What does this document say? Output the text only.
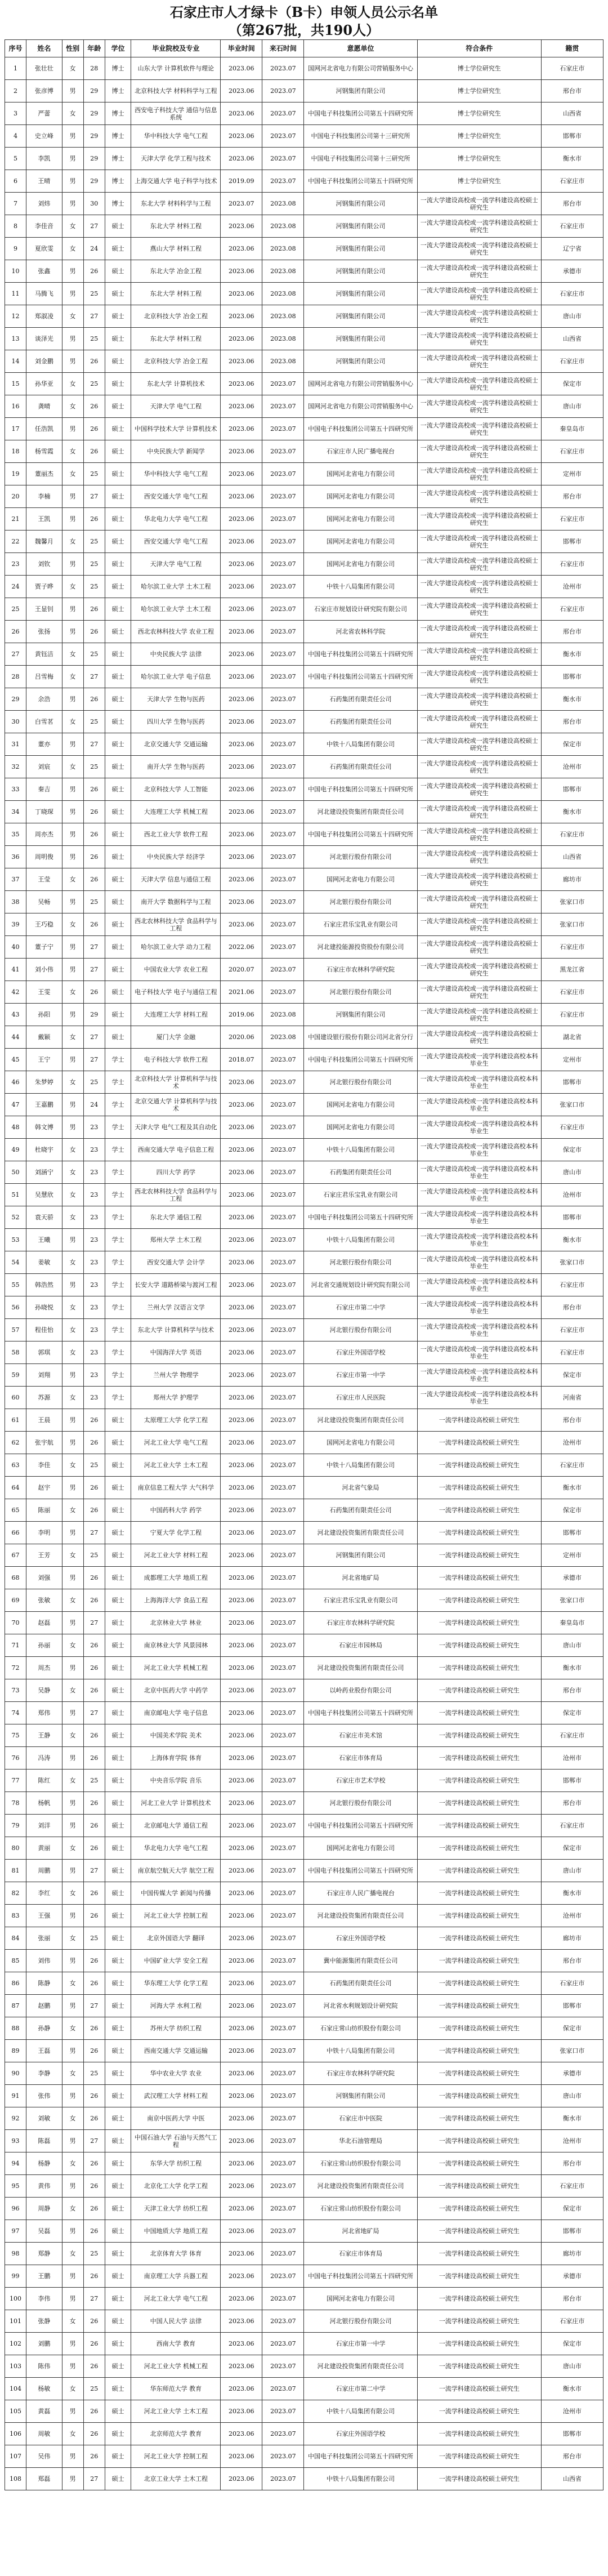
石家庄市人才绿卡（B卡）申领人员公示名单
（第267批，共190人）
序号	姓名	性别	年龄	学位	毕业院校及专业	毕业时间	来石时间	意愿单位	符合条件	籍贯
1	张壮壮	女	28	博士	山东大学 计算机软件与理论	2023.06	2023.07	国网河北省电力有限公司营销服务中心	博士学位研究生	石家庄市
2	张彦博	男	29	博士	北京科技大学 材料科学与工程	2023.06	2023.07	河钢集团有限公司	博士学位研究生	邢台市
3	严蕾	女	29	博士	西安电子科技大学 通信与信息系统	2023.06	2023.07	中国电子科技集团公司第五十四研究所	博士学位研究生	山西省
4	史立峰	男	29	博士	华中科技大学 电气工程	2023.06	2023.07	中国电子科技集团公司第十三研究所	博士学位研究生	邯郸市
5	李凯	男	29	博士	天津大学 化学工程与技术	2023.06	2023.07	中国电子科技集团公司第十三研究所	博士学位研究生	衡水市
6	王晴	男	29	博士	上海交通大学 电子科学与技术	2019.09	2023.07	中国电子科技集团公司第五十四研究所	博士学位研究生	石家庄市
7	刘炜	男	30	博士	东北大学 材料科学与工程	2023.07	2023.08	河钢集团有限公司	一流大学建设高校或一流学科建设高校硕士研究生	邢台市
8	李佳音	女	27	硕士	东北大学 材料工程	2023.06	2023.08	河钢集团有限公司	一流大学建设高校或一流学科建设高校硕士研究生	石家庄市
9	夏欣雯	女	24	硕士	燕山大学 材料工程	2023.06	2023.08	河钢集团有限公司	一流大学建设高校或一流学科建设高校硕士研究生	辽宁省
10	张鑫	男	26	硕士	东北大学 冶金工程	2023.06	2023.08	河钢集团有限公司	一流大学建设高校或一流学科建设高校硕士研究生	承德市
11	马腾飞	男	25	硕士	东北大学 材料工程	2023.06	2023.08	河钢集团有限公司	一流大学建设高校或一流学科建设高校硕士研究生	石家庄市
12	郑淑凌	女	27	硕士	北京科技大学 冶金工程	2023.06	2023.08	河钢集团有限公司	一流大学建设高校或一流学科建设高校硕士研究生	唐山市
13	谈泽光	男	25	硕士	东北大学 材料工程	2023.06	2023.08	河钢集团有限公司	一流大学建设高校或一流学科建设高校硕士研究生	山西省
14	刘金鹏	男	26	硕士	北京科技大学 冶金工程	2023.06	2023.08	河钢集团有限公司	一流大学建设高校或一流学科建设高校硕士研究生	石家庄市
15	孙华亚	女	25	硕士	东北大学 计算机技术	2023.06	2023.07	国网河北省电力有限公司营销服务中心	一流大学建设高校或一流学科建设高校硕士研究生	保定市
16	龚晴	女	26	硕士	天津大学 电气工程	2023.06	2023.07	国网河北省电力有限公司营销服务中心	一流大学建设高校或一流学科建设高校硕士研究生	唐山市
17	任浩凯	男	26	硕士	中国科学技术大学 计算机技术	2023.06	2023.07	中国电子科技集团公司第五十四研究所	一流大学建设高校或一流学科建设高校硕士研究生	秦皇岛市
18	杨雪霞	女	26	硕士	中央民族大学 新闻学	2023.06	2023.07	石家庄市人民广播电视台	一流大学建设高校或一流学科建设高校硕士研究生	石家庄市
19	董丽杰	女	25	硕士	华中科技大学 电气工程	2023.06	2023.07	国网河北省电力有限公司	一流大学建设高校或一流学科建设高校硕士研究生	定州市
20	李楠	男	27	硕士	西安交通大学 电气工程	2023.06	2023.07	国网河北省电力有限公司	一流大学建设高校或一流学科建设高校硕士研究生	邢台市
21	王凯	男	26	硕士	华北电力大学 电气工程	2023.06	2023.07	国网河北省电力有限公司	一流大学建设高校或一流学科建设高校硕士研究生	石家庄市
22	魏馨月	女	25	硕士	西安交通大学 电气工程	2023.06	2023.07	国网河北省电力有限公司	一流大学建设高校或一流学科建设高校硕士研究生	邯郸市
23	刘钦	男	25	硕士	天津大学 电气工程	2023.06	2023.07	国网河北省电力有限公司	一流大学建设高校或一流学科建设高校硕士研究生	石家庄市
24	贾子晔	女	25	硕士	哈尔滨工业大学 土木工程	2023.06	2023.07	中铁十八局集团有限公司	一流大学建设高校或一流学科建设高校硕士研究生	沧州市
25	王显钊	男	26	硕士	哈尔滨工业大学 土木工程	2023.06	2023.07	石家庄市规划设计研究院有限公司	一流大学建设高校或一流学科建设高校硕士研究生	石家庄市
26	张扬	男	26	硕士	西北农林科技大学 农业工程	2023.06	2023.07	河北省农林科学院	一流大学建设高校或一流学科建设高校硕士研究生	邢台市
27	黄钰洁	女	25	硕士	中央民族大学 法律	2023.06	2023.07	中国电子科技集团公司第五十四研究所	一流大学建设高校或一流学科建设高校硕士研究生	衡水市
28	吕雪梅	女	27	硕士	哈尔滨工业大学 电子信息	2023.06	2023.07	中国电子科技集团公司第五十四研究所	一流大学建设高校或一流学科建设高校硕士研究生	邯郸市
29	余浩	男	26	硕士	天津大学 生物与医药	2023.06	2023.07	石药集团有限责任公司	一流大学建设高校或一流学科建设高校硕士研究生	衡水市
30	白雪茗	女	25	硕士	四川大学 生物与医药	2023.06	2023.07	石药集团有限责任公司	一流大学建设高校或一流学科建设高校硕士研究生	邢台市
31	董亦	男	27	硕士	北京交通大学 交通运输	2023.06	2023.07	中铁十八局集团有限公司	一流大学建设高校或一流学科建设高校硕士研究生	保定市
32	刘宸	女	25	硕士	南开大学 生物与医药	2023.06	2023.07	石药集团有限责任公司	一流大学建设高校或一流学科建设高校硕士研究生	沧州市
33	秦吉	男	26	硕士	北京科技大学 人工智能	2023.06	2023.07	中国电子科技集团公司第五十四研究所	一流大学建设高校或一流学科建设高校硕士研究生	邯郸市
34	丁晓琛	男	26	硕士	大连理工大学 机械工程	2023.06	2023.07	河北建设投资集团有限责任公司	一流大学建设高校或一流学科建设高校硕士研究生	衡水市
35	周亦杰	男	26	硕士	西北工业大学 软件工程	2023.06	2023.07	中国电子科技集团公司第五十四研究所	一流大学建设高校或一流学科建设高校硕士研究生	石家庄市
36	周明俊	男	26	硕士	中央民族大学 经济学	2023.06	2023.07	河北银行股份有限公司	一流大学建设高校或一流学科建设高校硕士研究生	山西省
37	王莹	女	26	硕士	天津大学 信息与通信工程	2023.06	2023.07	国网河北省电力有限公司	一流大学建设高校或一流学科建设高校硕士研究生	廊坊市
38	吴畅	男	25	硕士	南开大学 数据科学与工程	2023.06	2023.07	河北银行股份有限公司	一流大学建设高校或一流学科建设高校硕士研究生	张家口市
39	王巧稳	女	26	硕士	西北农林科技大学 食品科学与工程	2023.06	2023.07	石家庄君乐宝乳业有限公司	一流大学建设高校或一流学科建设高校硕士研究生	张家口市
40	董子宁	男	27	硕士	哈尔滨工业大学 动力工程	2022.06	2023.07	河北建投能源投资股份有限公司	一流大学建设高校或一流学科建设高校硕士研究生	石家庄市
41	刘小伟	男	27	硕士	中国农业大学 农业工程	2020.07	2023.07	石家庄市农林科学研究院	一流大学建设高校或一流学科建设高校硕士研究生	黑龙江省
42	王雯	女	26	硕士	电子科技大学 电子与通信工程	2021.06	2023.07	河北银行股份有限公司	一流大学建设高校或一流学科建设高校硕士研究生	石家庄市
43	孙阳	男	29	硕士	大连理工大学 材料工程	2019.06	2023.08	河钢集团有限公司	一流大学建设高校或一流学科建设高校硕士研究生	石家庄市
44	戴颖	女	27	硕士	厦门大学 金融	2020.06	2023.08	中国建设银行股份有限公司河北省分行	一流大学建设高校或一流学科建设高校硕士研究生	湖北省
45	王宁	男	27	学士	电子科技大学 软件工程	2018.07	2023.07	中国电子科技集团公司第五十四研究所	一流大学建设高校或一流学科建设高校本科毕业生	定州市
46	朱梦婷	女	25	学士	北京科技大学 计算机科学与技术	2023.06	2023.07	河北银行股份有限公司	一流大学建设高校或一流学科建设高校本科毕业生	邯郸市
47	王嘉鹏	男	24	学士	北京交通大学 计算机科学与技术	2023.06	2023.07	国网河北省电力有限公司	一流大学建设高校或一流学科建设高校本科毕业生	张家口市
48	韩文博	男	23	学士	天津大学 电气工程及其自动化	2023.06	2023.07	国网河北省电力有限公司	一流大学建设高校或一流学科建设高校本科毕业生	石家庄市
49	杜晓宇	女	23	学士	西南交通大学 电子信息工程	2023.06	2023.07	中铁十八局集团有限公司	一流大学建设高校或一流学科建设高校本科毕业生	保定市
50	刘涵宁	女	23	学士	四川大学 药学	2023.06	2023.07	石药集团有限责任公司	一流大学建设高校或一流学科建设高校本科毕业生	唐山市
51	吴慧欣	女	23	学士	西北农林科技大学 食品科学与工程	2023.06	2023.07	石家庄君乐宝乳业有限公司	一流大学建设高校或一流学科建设高校本科毕业生	沧州市
52	袁天骄	女	23	学士	东北大学 通信工程	2023.06	2023.07	中国电子科技集团公司第五十四研究所	一流大学建设高校或一流学科建设高校本科毕业生	邯郸市
53	王曦	男	23	学士	郑州大学 土木工程	2023.06	2023.07	中铁十八局集团有限公司	一流大学建设高校或一流学科建设高校本科毕业生	衡水市
54	姜敏	女	23	学士	西安交通大学 会计学	2023.06	2023.07	河北银行股份有限公司	一流大学建设高校或一流学科建设高校本科毕业生	张家口市
55	韩浩然	男	23	学士	长安大学 道路桥梁与渡河工程	2023.06	2023.07	河北省交通规划设计研究院有限公司	一流大学建设高校或一流学科建设高校本科毕业生	石家庄市
56	孙晓悦	女	23	学士	兰州大学 汉语言文学	2023.06	2023.07	石家庄市第二中学	一流大学建设高校或一流学科建设高校本科毕业生	邢台市
57	程佳怡	女	23	学士	东北大学 计算机科学与技术	2023.06	2023.07	河北银行股份有限公司	一流大学建设高校或一流学科建设高校本科毕业生	石家庄市
58	郭琪	女	23	学士	中国海洋大学 英语	2023.06	2023.07	石家庄外国语学校	一流大学建设高校或一流学科建设高校本科毕业生	石家庄市
59	刘翔	男	23	学士	兰州大学 物理学	2023.06	2023.07	石家庄市第一中学	一流大学建设高校或一流学科建设高校本科毕业生	保定市
60	苏源	女	23	学士	郑州大学 护理学	2023.06	2023.07	石家庄市人民医院	一流大学建设高校或一流学科建设高校本科毕业生	河南省
61	王晨	男	26	硕士	太原理工大学 化学工程	2023.06	2023.07	河北建设投资集团有限责任公司	一流学科建设高校硕士研究生	邢台市
62	张宇航	男	26	硕士	河北工业大学 电气工程	2023.06	2023.07	国网河北省电力有限公司	一流学科建设高校硕士研究生	沧州市
63	李佳	女	25	硕士	河北工业大学 土木工程	2023.06	2023.07	中铁十八局集团有限公司	一流学科建设高校硕士研究生	石家庄市
64	赵宇	男	26	硕士	南京信息工程大学 大气科学	2023.06	2023.07	河北省气象局	一流学科建设高校硕士研究生	衡水市
65	陈丽	女	26	硕士	中国药科大学 药学	2023.06	2023.07	石药集团有限责任公司	一流学科建设高校硕士研究生	保定市
66	李明	男	27	硕士	宁夏大学 化学工程	2023.06	2023.07	河北建设投资集团有限责任公司	一流学科建设高校硕士研究生	邯郸市
67	王芳	女	25	硕士	河北工业大学 材料工程	2023.06	2023.07	河钢集团有限公司	一流学科建设高校硕士研究生	定州市
68	刘强	男	26	硕士	成都理工大学 地质工程	2023.06	2023.07	河北省地矿局	一流学科建设高校硕士研究生	承德市
69	张敏	女	26	硕士	上海海洋大学 食品工程	2023.06	2023.07	石家庄君乐宝乳业有限公司	一流学科建设高校硕士研究生	张家口市
70	赵磊	男	27	硕士	北京林业大学 林业	2023.06	2023.07	石家庄市农林科学研究院	一流学科建设高校硕士研究生	秦皇岛市
71	孙丽	女	26	硕士	南京林业大学 风景园林	2023.06	2023.07	石家庄市园林局	一流学科建设高校硕士研究生	唐山市
72	周杰	男	26	硕士	河北工业大学 机械工程	2023.06	2023.07	河北建设投资集团有限责任公司	一流学科建设高校硕士研究生	衡水市
73	吴静	女	26	硕士	北京中医药大学 中药学	2023.06	2023.07	以岭药业股份有限公司	一流学科建设高校硕士研究生	邢台市
74	郑伟	男	27	硕士	南京邮电大学 电子信息	2023.06	2023.07	中国电子科技集团公司第五十四研究所	一流学科建设高校硕士研究生	保定市
75	王静	女	26	硕士	中国美术学院 美术	2023.06	2023.07	石家庄市美术馆	一流学科建设高校硕士研究生	石家庄市
76	冯涛	男	26	硕士	上海体育学院 体育	2023.06	2023.07	石家庄市体育局	一流学科建设高校硕士研究生	沧州市
77	陈红	女	25	硕士	中央音乐学院 音乐	2023.06	2023.07	石家庄市艺术学校	一流学科建设高校硕士研究生	邯郸市
78	杨帆	男	26	硕士	河北工业大学 计算机技术	2023.06	2023.07	河北银行股份有限公司	一流学科建设高校硕士研究生	邢台市
79	刘洋	男	26	硕士	北京邮电大学 通信工程	2023.06	2023.07	中国电子科技集团公司第五十四研究所	一流学科建设高校硕士研究生	石家庄市
80	黄丽	女	26	硕士	华北电力大学 电气工程	2023.06	2023.07	国网河北省电力有限公司	一流学科建设高校硕士研究生	保定市
81	周鹏	男	27	硕士	南京航空航天大学 航空工程	2023.06	2023.07	中国电子科技集团公司第五十四研究所	一流学科建设高校硕士研究生	唐山市
82	李红	女	26	硕士	中国传媒大学 新闻与传播	2023.06	2023.07	石家庄市人民广播电视台	一流学科建设高校硕士研究生	衡水市
83	王强	男	26	硕士	河北工业大学 控制工程	2023.06	2023.07	河北建设投资集团有限责任公司	一流学科建设高校硕士研究生	沧州市
84	张丽	女	25	硕士	北京外国语大学 翻译	2023.06	2023.07	石家庄外国语学校	一流学科建设高校硕士研究生	廊坊市
85	刘伟	男	26	硕士	中国矿业大学 安全工程	2023.06	2023.07	冀中能源集团有限责任公司	一流学科建设高校硕士研究生	邢台市
86	陈静	女	26	硕士	华东理工大学 化学工程	2023.06	2023.07	石药集团有限责任公司	一流学科建设高校硕士研究生	石家庄市
87	赵鹏	男	27	硕士	河海大学 水利工程	2023.06	2023.07	河北省水利规划设计研究院	一流学科建设高校硕士研究生	邯郸市
88	孙静	女	26	硕士	苏州大学 纺织工程	2023.06	2023.07	石家庄常山纺织股份有限公司	一流学科建设高校硕士研究生	保定市
89	王磊	男	26	硕士	西南交通大学 交通运输	2023.06	2023.07	中铁十八局集团有限公司	一流学科建设高校硕士研究生	张家口市
90	李静	女	25	硕士	华中农业大学 农业	2023.06	2023.07	石家庄市农林科学研究院	一流学科建设高校硕士研究生	承德市
91	张伟	男	26	硕士	武汉理工大学 材料工程	2023.06	2023.07	河钢集团有限公司	一流学科建设高校硕士研究生	唐山市
92	刘敏	女	26	硕士	南京中医药大学 中医	2023.06	2023.07	石家庄市中医院	一流学科建设高校硕士研究生	衡水市
93	陈磊	男	27	硕士	中国石油大学 石油与天然气工程	2023.06	2023.07	华北石油管理局	一流学科建设高校硕士研究生	沧州市
94	杨静	女	26	硕士	东华大学 纺织工程	2023.06	2023.07	石家庄常山纺织股份有限公司	一流学科建设高校硕士研究生	邢台市
95	黄伟	男	26	硕士	北京化工大学 化学工程	2023.06	2023.07	河北建设投资集团有限责任公司	一流学科建设高校硕士研究生	石家庄市
96	周静	女	26	硕士	天津工业大学 纺织工程	2023.06	2023.07	石家庄常山纺织股份有限公司	一流学科建设高校硕士研究生	保定市
97	吴磊	男	26	硕士	中国地质大学 地质工程	2023.06	2023.07	河北省地矿局	一流学科建设高校硕士研究生	邯郸市
98	郑静	女	25	硕士	北京体育大学 体育	2023.06	2023.07	石家庄市体育局	一流学科建设高校硕士研究生	廊坊市
99	王鹏	男	26	硕士	南京理工大学 兵器工程	2023.06	2023.07	中国电子科技集团公司第五十四研究所	一流学科建设高校硕士研究生	承德市
100	李伟	男	27	硕士	河北工业大学 电气工程	2023.06	2023.07	国网河北省电力有限公司	一流学科建设高校硕士研究生	邢台市
101	张静	女	26	硕士	中国人民大学 法律	2023.06	2023.07	河北银行股份有限公司	一流学科建设高校硕士研究生	石家庄市
102	刘鹏	男	26	硕士	西南大学 教育	2023.06	2023.07	石家庄市第一中学	一流学科建设高校硕士研究生	保定市
103	陈伟	男	26	硕士	河北工业大学 机械工程	2023.06	2023.07	河北建设投资集团有限责任公司	一流学科建设高校硕士研究生	唐山市
104	杨敏	女	25	硕士	华东师范大学 教育	2023.06	2023.07	石家庄市第二中学	一流学科建设高校硕士研究生	衡水市
105	黄磊	男	26	硕士	河北工业大学 土木工程	2023.06	2023.07	中铁十八局集团有限公司	一流学科建设高校硕士研究生	沧州市
106	周敏	女	26	硕士	北京师范大学 教育	2023.06	2023.07	石家庄外国语学校	一流学科建设高校硕士研究生	邯郸市
107	吴伟	男	26	硕士	河北工业大学 控制工程	2023.06	2023.07	中国电子科技集团公司第五十四研究所	一流学科建设高校硕士研究生	邢台市
108	郑磊	男	27	硕士	北京工业大学 土木工程	2023.06	2023.07	中铁十八局集团有限公司	一流学科建设高校硕士研究生	山西省
